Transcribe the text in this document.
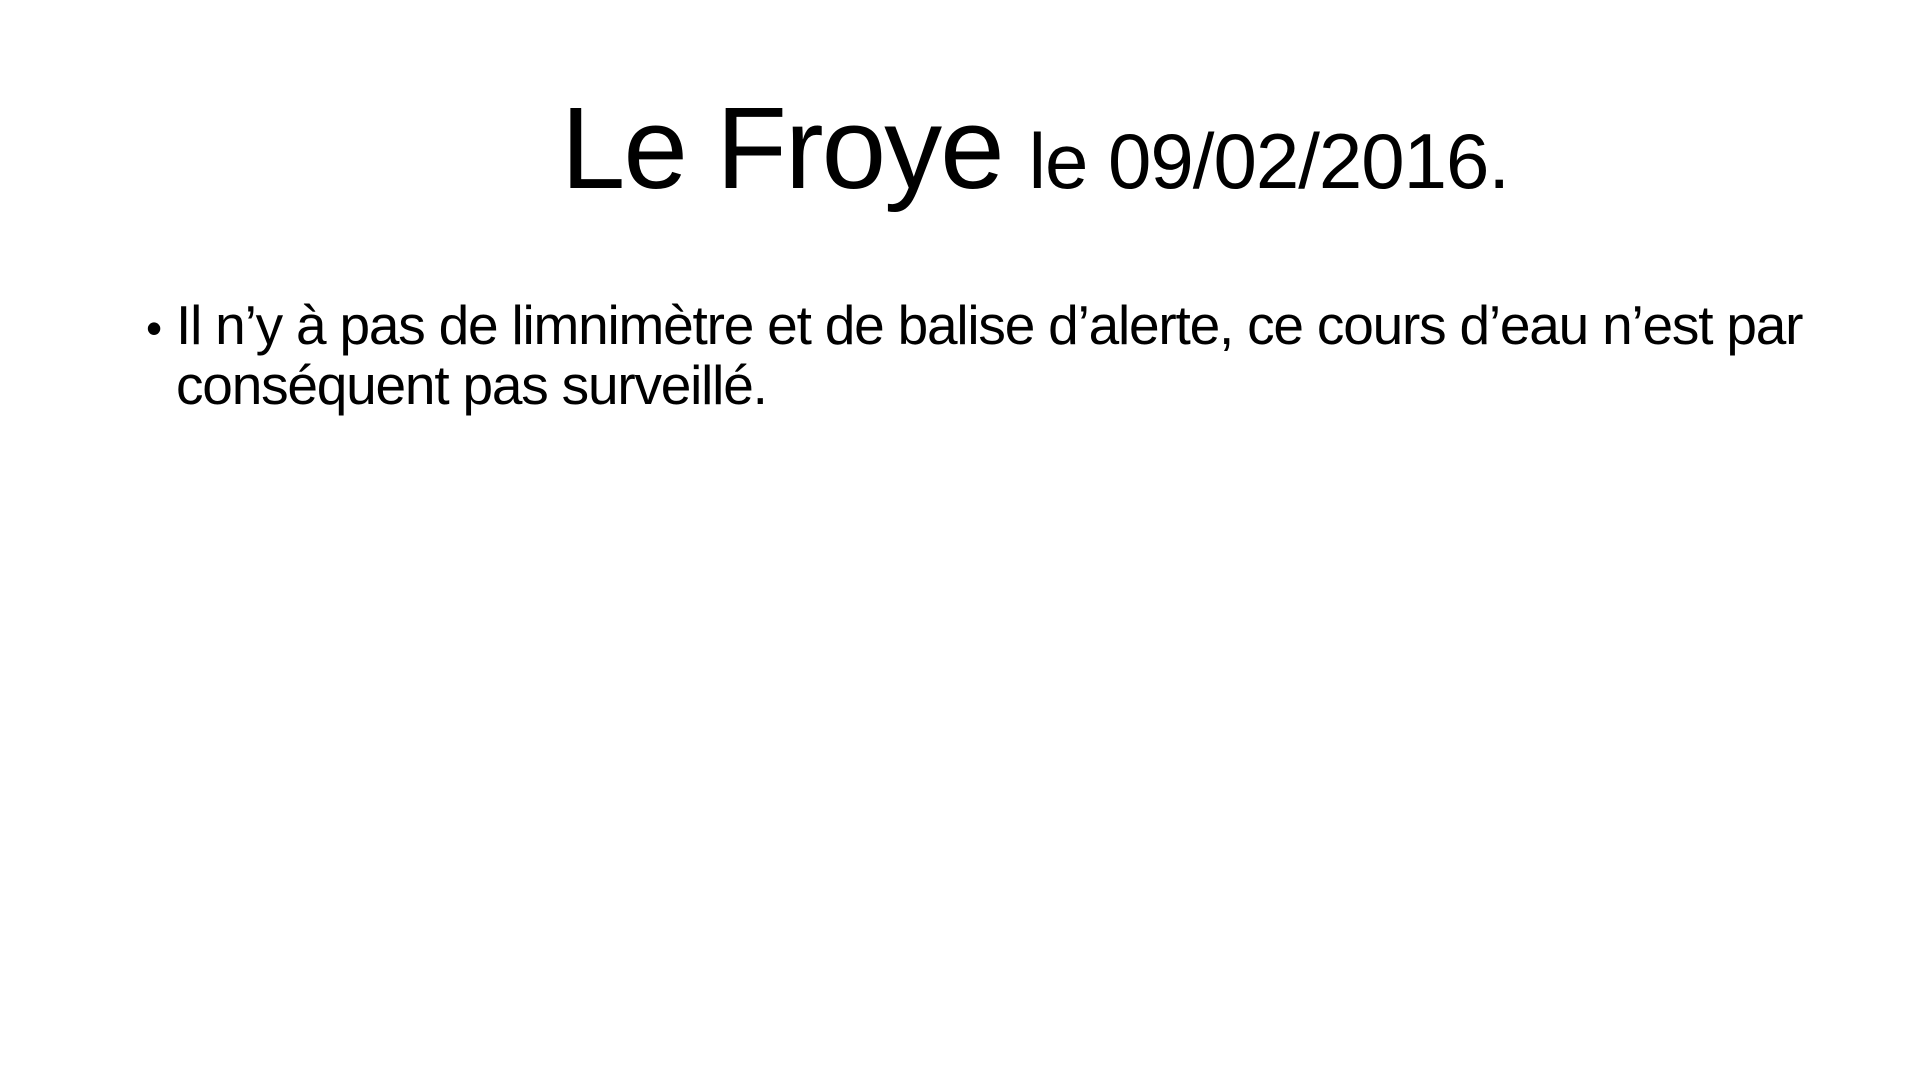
Le Froye le 09/02/2016.
• Il n’y à pas de limnimètre et de balise d’alerte, ce cours d’eau n’est par conséquent pas surveillé.
